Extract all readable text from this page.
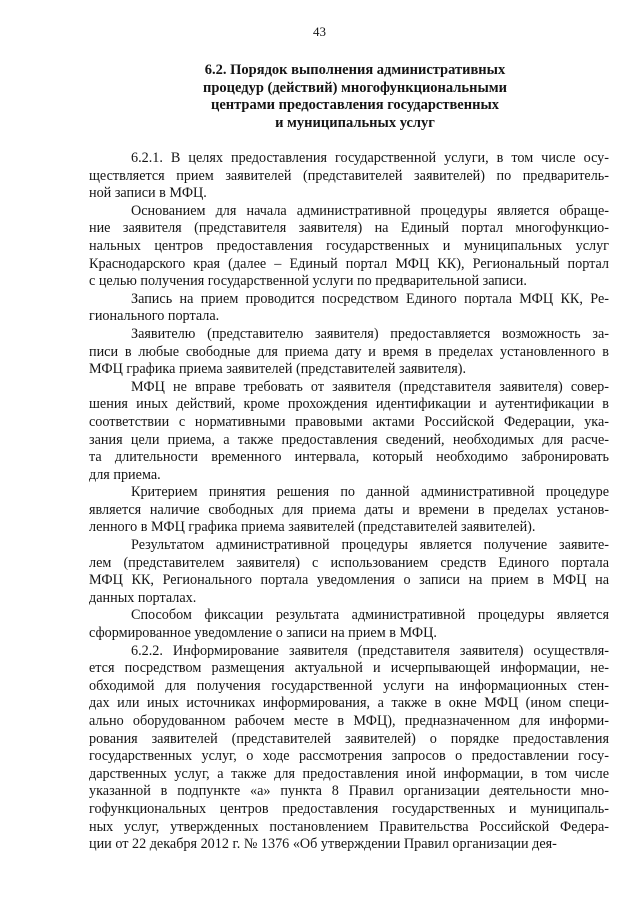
43
6.2. Порядок выполнения административных
процедур (действий) многофункциональными
центрами предоставления государственных
и муниципальных услуг
6.2.1. В целях предоставления государственной услуги, в том числе осу-
ществляется прием заявителей (представителей заявителей) по предваритель-
ной записи в МФЦ.
Основанием для начала административной процедуры является обраще-
ние заявителя (представителя заявителя) на Единый портал многофункцио-
нальных центров предоставления государственных и муниципальных услуг
Краснодарского края (далее – Единый портал МФЦ КК), Региональный портал
с целью получения государственной услуги по предварительной записи.
Запись на прием проводится посредством Единого портала МФЦ КК, Ре-
гионального портала.
Заявителю (представителю заявителя) предоставляется возможность за-
писи в любые свободные для приема дату и время в пределах установленного в
МФЦ графика приема заявителей (представителей заявителя).
МФЦ не вправе требовать от заявителя (представителя заявителя) совер-
шения иных действий, кроме прохождения идентификации и аутентификации в
соответствии с нормативными правовыми актами Российской Федерации, ука-
зания цели приема, а также предоставления сведений, необходимых для расче-
та длительности временного интервала, который необходимо забронировать
для приема.
Критерием принятия решения по данной административной процедуре
является наличие свободных для приема даты и времени в пределах установ-
ленного в МФЦ графика приема заявителей (представителей заявителей).
Результатом административной процедуры является получение заявите-
лем (представителем заявителя) с использованием средств Единого портала
МФЦ КК, Регионального портала уведомления о записи на прием в МФЦ на
данных порталах.
Способом фиксации результата административной процедуры является
сформированное уведомление о записи на прием в МФЦ.
6.2.2. Информирование заявителя (представителя заявителя) осуществля-
ется посредством размещения актуальной и исчерпывающей информации, не-
обходимой для получения государственной услуги на информационных стен-
дах или иных источниках информирования, а также в окне МФЦ (ином специ-
ально оборудованном рабочем месте в МФЦ), предназначенном для информи-
рования заявителей (представителей заявителей) о порядке предоставления
государственных услуг, о ходе рассмотрения запросов о предоставлении госу-
дарственных услуг, а также для предоставления иной информации, в том числе
указанной в подпункте «а» пункта 8 Правил организации деятельности мно-
гофункциональных центров предоставления государственных и муниципаль-
ных услуг, утвержденных постановлением Правительства Российской Федера-
ции от 22 декабря 2012 г. № 1376 «Об утверждении Правил организации дея-
